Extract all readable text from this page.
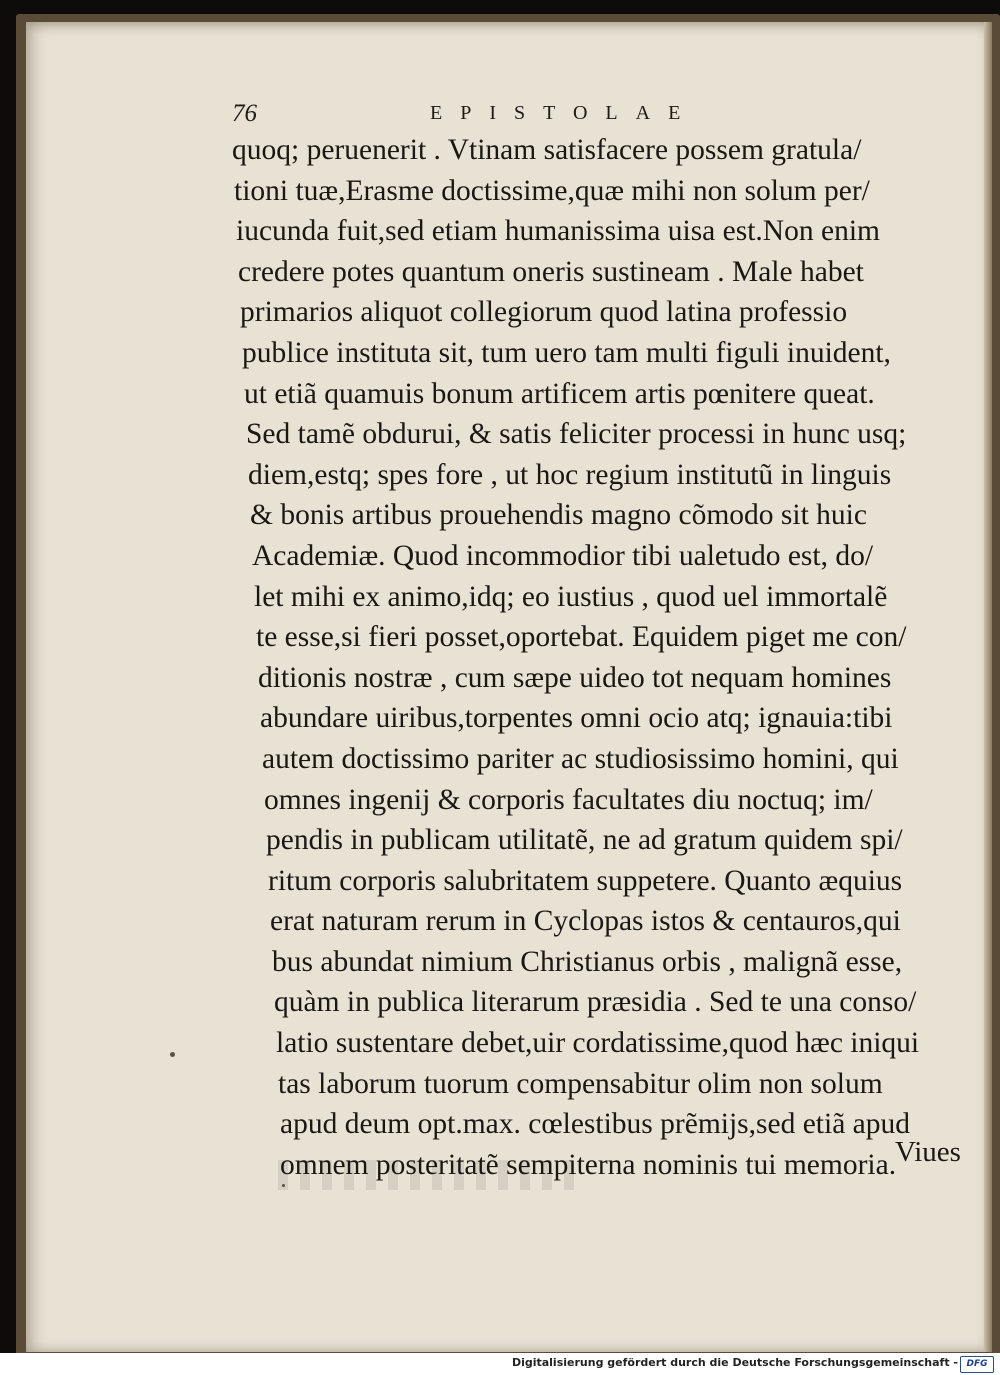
76	EPISTOLAE
quoq; peruenerit . Vtinam satisfacere possem gratula/
tioni tuæ,Erasme doctissime,quæ mihi non solum per/
iucunda fuit,sed etiam humanissima uisa est.Non enim
credere potes quantum oneris sustineam . Male habet
primarios aliquot collegiorum quod latina professio
publice instituta sit, tum uero tam multi figuli inuident,
ut etiã quamuis bonum artificem artis pœnitere queat.
Sed tamẽ obdurui, & satis feliciter processi in hunc usq;
diem,estq; spes fore , ut hoc regium institutũ in linguis
& bonis artibus prouehendis magno cõmodo sit huic
Academiæ. Quod incommodior tibi ualetudo est, do/
let mihi ex animo,idq; eo iustius , quod uel immortalẽ
te esse,si fieri posset,oportebat. Equidem piget me con/
ditionis nostræ , cum sæpe uideo tot nequam homines
abundare uiribus,torpentes omni ocio atq; ignauia:tibi
autem doctissimo pariter ac studiosissimo homini, qui
omnes ingenij & corporis facultates diu noctuq; im/
pendis in publicam utilitatẽ, ne ad gratum quidem spi/
ritum corporis salubritatem suppetere. Quanto æquius
erat naturam rerum in Cyclopas istos & centauros,qui
bus abundat nimium Christianus orbis , malignã esse,
quàm in publica literarum præsidia . Sed te una conso/
latio sustentare debet,uir cordatissime,quod hæc iniqui
tas laborum tuorum compensabitur olim non solum
apud deum opt.max. cœlestibus prẽmijs,sed etiã apud
omnem posteritatẽ sempiterna nominis tui memoria.
Viues
Digitalisierung gefördert durch die Deutsche Forschungsgemeinschaft - DFG
